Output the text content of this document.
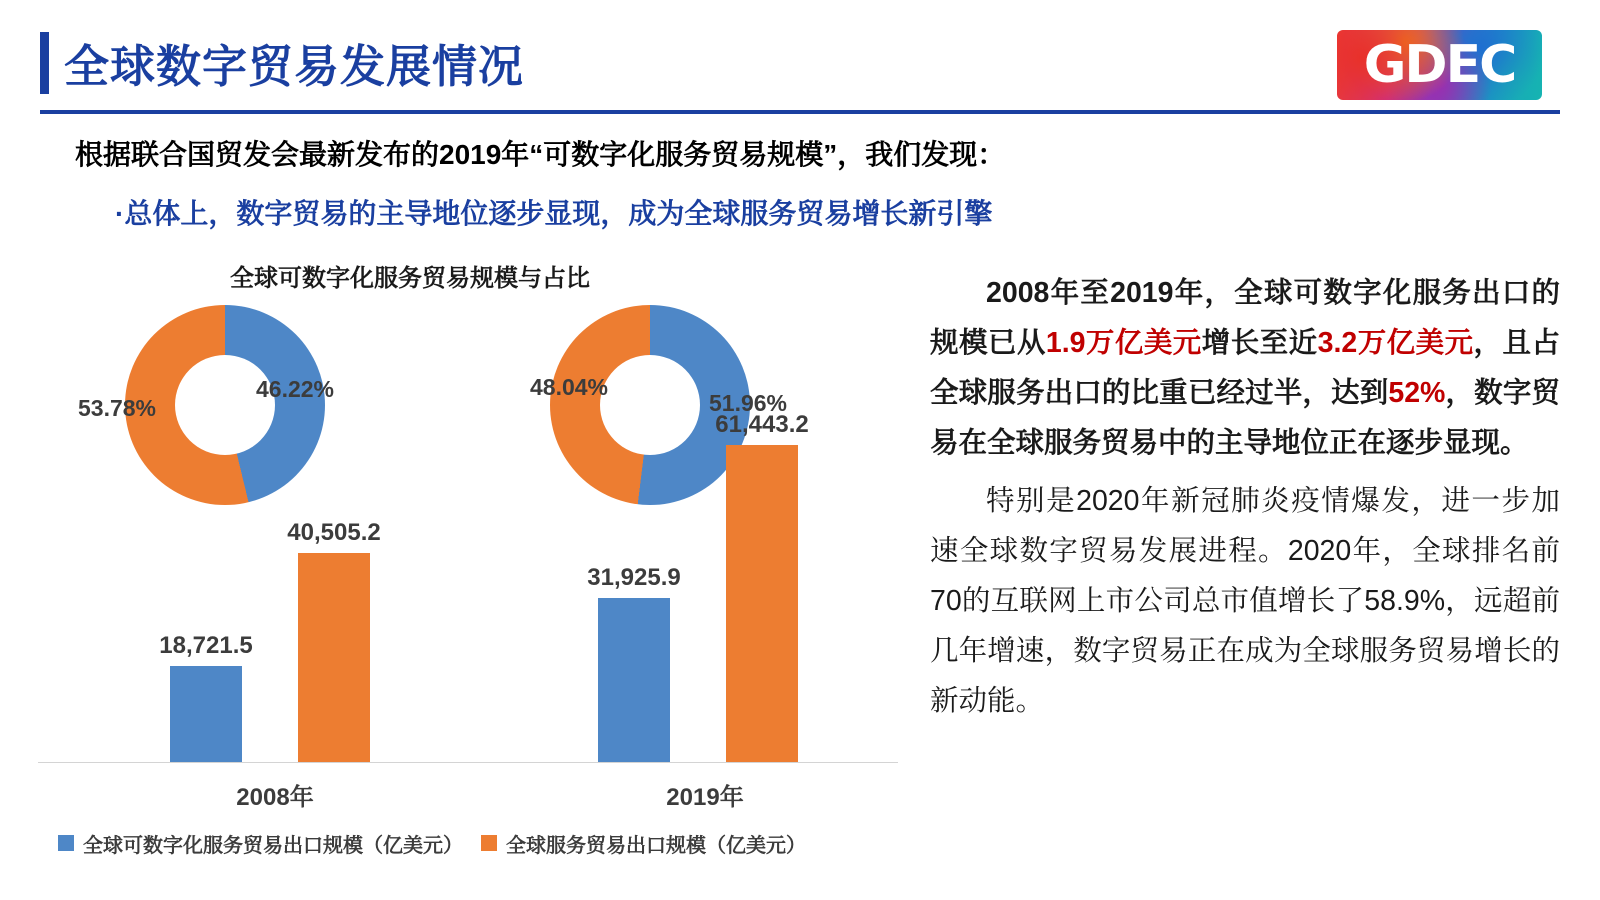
全球数字贸易发展情况	GDEC
根据联合国贸发会最新发布的2019年“可数字化服务贸易规模”，我们发现：
·总体上，数字贸易的主导地位逐步显现，成为全球服务贸易增长新引擎
全球可数字化服务贸易规模与占比
46.22%
53.78%	51.96%
48.04%
18,721.5
40,505.2
31,925.9
61,443.2
2008年	2019年
全球可数字化服务贸易出口规模（亿美元） 全球服务贸易出口规模（亿美元）

2008年至2019年，全球可数字化服务出口的规模已从1.9万亿美元增长至近3.2万亿美元，且占全球服务出口的比重已经过半，达到52%，数字贸易在全球服务贸易中的主导地位正在逐步显现。

特别是2020年新冠肺炎疫情爆发，进一步加速全球数字贸易发展进程。2020年，全球排名前70的互联网上市公司总市值增长了58.9%，远超前几年增速，数字贸易正在成为全球服务贸易增长的新动能。
